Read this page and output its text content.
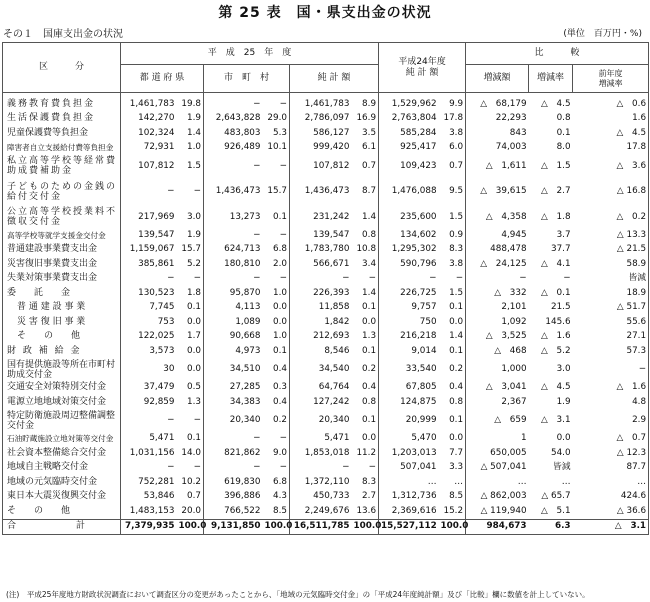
第 25 表　国・県支出金の状況
その１　国庫支出金の状況	(単位　百万円・%)
区　　　分	平　成　25　年　度						平成24年度
純 計 額		比　　　較		
	都 道 府 県		市　町　村		純 計 額				増減額	増減率	前年度
増減率
義務教育費負担金	1,461,783	19.8	−	−	1,461,783	8.9	1,529,962	9.9	△　68,179	△　4.5	△　0.6
生活保護費負担金	142,270	1.9	2,643,828	29.0	2,786,097	16.9	2,763,804	17.8	22,293	0.8	1.6
児童保護費等負担金	102,324	1.4	483,803	5.3	586,127	3.5	585,284	3.8	843	0.1	△　4.5
障害者自立支援給付費等負担金	72,931	1.0	926,489	10.1	999,420	6.1	925,417	6.0	74,003	8.0	17.8
私立高等学校等経常費助成費補助金	107,812	1.5	−	−	107,812	0.7	109,423	0.7	△　1,611	△　1.5	△　3.6
子どものための金銭の給付交付金	−	−	1,436,473	15.7	1,436,473	8.7	1,476,088	9.5	△　39,615	△　2.7	△ 16.8
公立高等学校授業料不徴収交付金	217,969	3.0	13,273	0.1	231,242	1.4	235,600	1.5	△　4,358	△　1.8	△　0.2
高等学校等就学支援金交付金	139,547	1.9	−	−	139,547	0.8	134,602	0.9	4,945	3.7	△ 13.3
普通建設事業費支出金	1,159,067	15.7	624,713	6.8	1,783,780	10.8	1,295,302	8.3	488,478	37.7	△ 21.5
災害復旧事業費支出金	385,861	5.2	180,810	2.0	566,671	3.4	590,796	3.8	△　24,125	△　4.1	58.9
失業対策事業費支出金	−	−	−	−	−	−	−	−	−	−	皆減
委　　託　　金	130,523	1.8	95,870	1.0	226,393	1.4	226,725	1.5	△　332	△　0.1	18.9
普 通 建 設 事 業	7,745	0.1	4,113	0.0	11,858	0.1	9,757	0.1	2,101	21.5	△ 51.7
災 害 復 旧 事 業	753	0.0	1,089	0.0	1,842	0.0	750	0.0	1,092	145.6	55.6
そ　　の　　他	122,025	1.7	90,668	1.0	212,693	1.3	216,218	1.4	△　3,525	△　1.6	27.1
財 政 補 給 金	3,573	0.0	4,973	0.1	8,546	0.1	9,014	0.1	△　468	△　5.2	57.3
国有提供施設等所在市町村助成交付金	30	0.0	34,510	0.4	34,540	0.2	33,540	0.2	1,000	3.0	−
交通安全対策特別交付金	37,479	0.5	27,285	0.3	64,764	0.4	67,805	0.4	△　3,041	△　4.5	△　1.6
電源立地地域対策交付金	92,859	1.3	34,383	0.4	127,242	0.8	124,875	0.8	2,367	1.9	4.8
特定防衛施設周辺整備調整交付金	−	−	20,340	0.2	20,340	0.1	20,999	0.1	△　659	△　3.1	2.9
石油貯蔵施設立地対策等交付金	5,471	0.1	−	−	5,471	0.0	5,470	0.0	1	0.0	△　0.7
社会資本整備総合交付金	1,031,156	14.0	821,862	9.0	1,853,018	11.2	1,203,013	7.7	650,005	54.0	△ 12.3
地域自主戦略交付金	−	−	−	−	−	−	507,041	3.3	△ 507,041	皆減	87.7
地域の元気臨時交付金	752,281	10.2	619,830	6.8	1,372,110	8.3	…	…	…	…	…
東日本大震災復興交付金	53,846	0.7	396,886	4.3	450,733	2.7	1,312,736	8.5	△ 862,003	△ 65.7	424.6
そ　　の　　他	1,483,153	20.0	766,522	8.5	2,249,676	13.6	2,369,616	15.2	△ 119,940	△　5.1	△ 36.6
合　　計	7,379,935	100.0	9,131,850	100.0	16,511,785	100.0	15,527,112	100.0	984,673	6.3	△　3.1
(注)　平成25年度地方財政状況調査において調査区分の変更があったことから、「地域の元気臨時交付金」の「平成24年度純計額」及び「比較」欄に数値を計上していない。
